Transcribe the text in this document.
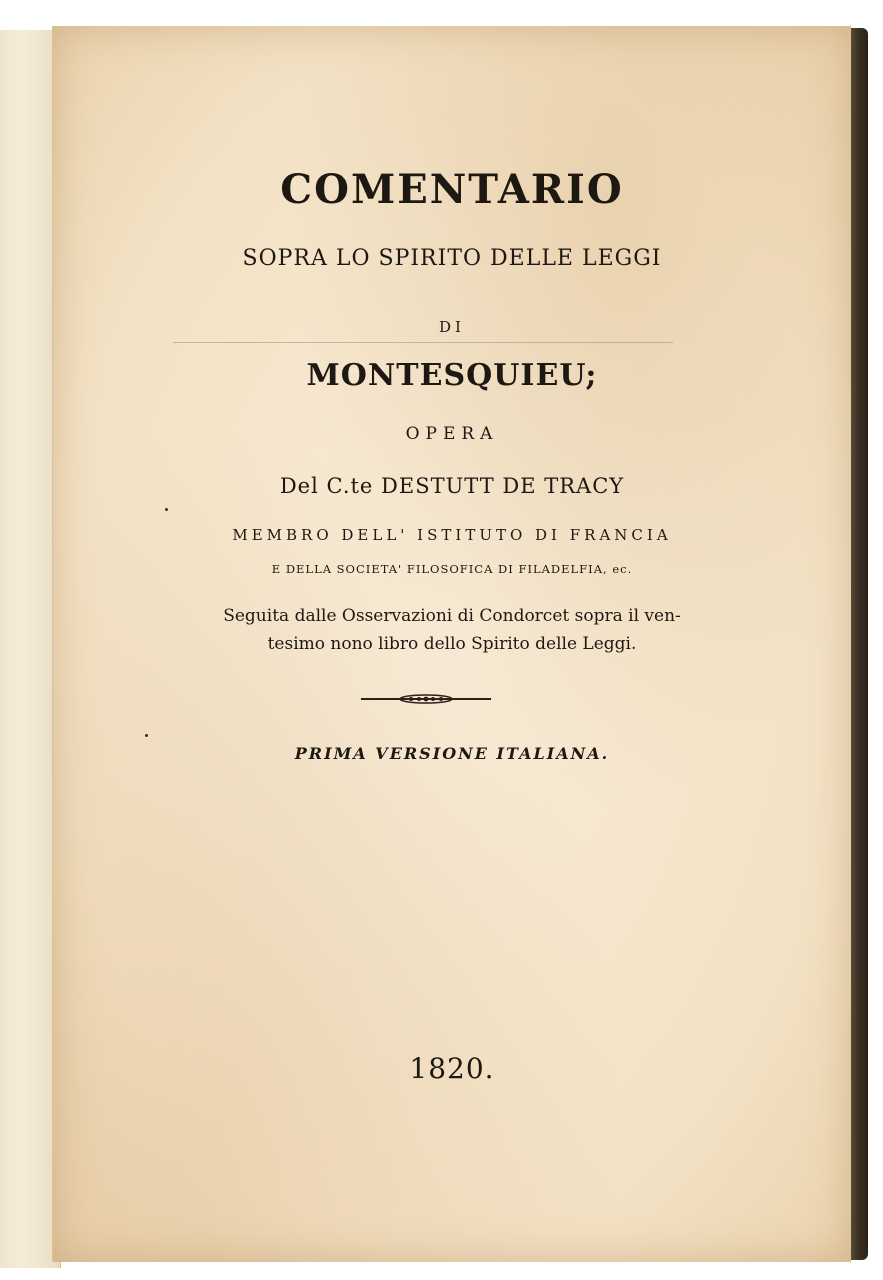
COMENTARIO
SOPRA LO SPIRITO DELLE LEGGI
DI
MONTESQUIEU;
OPERA
Del C.te DESTUTT DE TRACY
MEMBRO DELL' ISTITUTO DI FRANCIA
E DELLA SOCIETA' FILOSOFICA DI FILADELFIA, ec.
Seguita dalle Osservazioni di Condorcet sopra il ven-
tesimo nono libro dello Spirito delle Leggi.
PRIMA VERSIONE ITALIANA.
1820.
